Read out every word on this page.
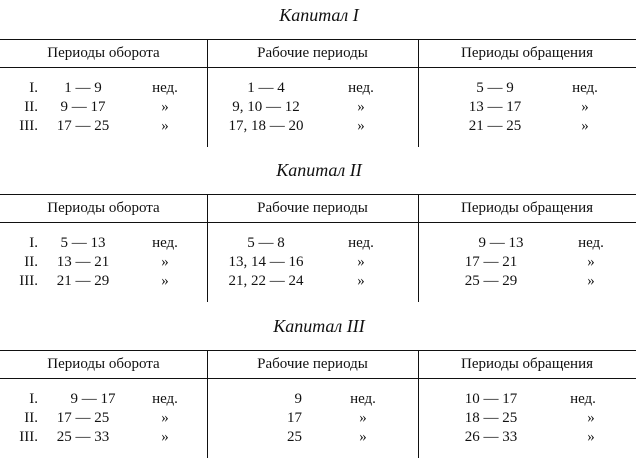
Капитал I
Периоды оборота	Рабочие периоды	Периоды обращения
I.	1 — 9	нед.	1 — 4	нед.	5 — 9	нед.
II.	9 — 17	»	9, 10 — 12	»	13 — 17	»
III.	17 — 25	»	17, 18 — 20	»	21 — 25	»
Капитал II
Периоды оборота	Рабочие периоды	Периоды обращения
I.	5 — 13	нед.	5 — 8	нед.	9 — 13	нед.
II.	13 — 21	»	13, 14 — 16	»	17 — 21	»
III.	21 — 29	»	21, 22 — 24	»	25 — 29	»
Капитал III
Периоды оборота	Рабочие периоды	Периоды обращения
I.	9 — 17	нед.	9	нед.	10 — 17	нед.
II.	17 — 25	»	17	»	18 — 25	»
III.	25 — 33	»	25	»	26 — 33	»
